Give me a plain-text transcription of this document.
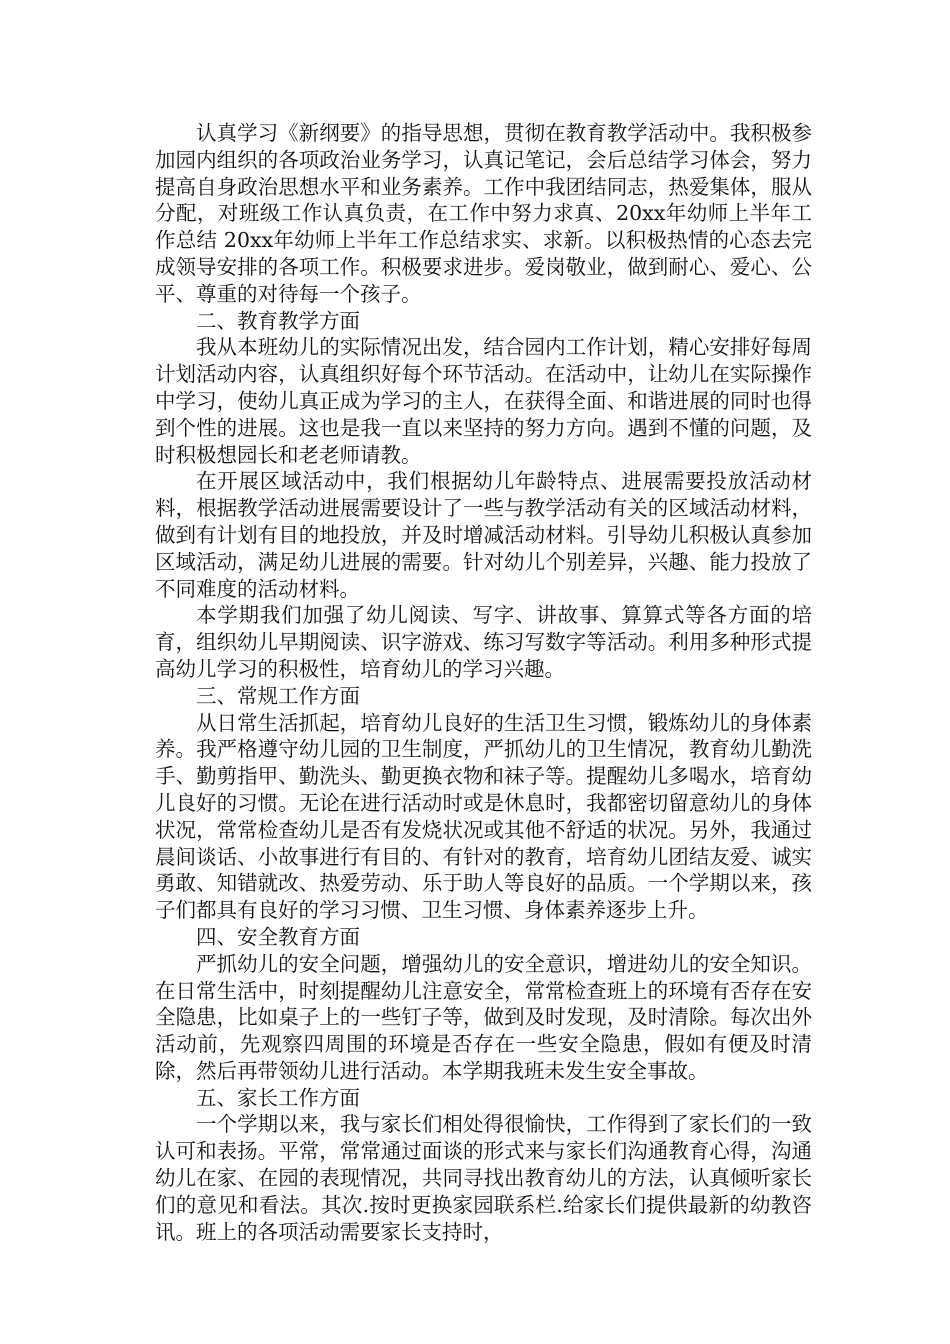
认真学习《新纲要》的指导思想，贯彻在教育教学活动中。我积极参加园内组织的各项政治业务学习，认真记笔记，会后总结学习体会，努力提高自身政治思想水平和业务素养。工作中我团结同志，热爱集体，服从分配，对班级工作认真负责，在工作中努力求真、20xx年幼师上半年工作总结 20xx年幼师上半年工作总结求实、求新。以积极热情的心态去完成领导安排的各项工作。积极要求进步。爱岗敬业，做到耐心、爱心、公平、尊重的对待每一个孩子。

二、教育教学方面

我从本班幼儿的实际情况出发，结合园内工作计划，精心安排好每周计划活动内容，认真组织好每个环节活动。在活动中，让幼儿在实际操作中学习，使幼儿真正成为学习的主人，在获得全面、和谐进展的同时也得到个性的进展。这也是我一直以来坚持的努力方向。遇到不懂的问题，及时积极想园长和老老师请教。

在开展区域活动中，我们根据幼儿年龄特点、进展需要投放活动材料，根据教学活动进展需要设计了一些与教学活动有关的区域活动材料，做到有计划有目的地投放，并及时增减活动材料。引导幼儿积极认真参加区域活动，满足幼儿进展的需要。针对幼儿个别差异，兴趣、能力投放了不同难度的活动材料。

本学期我们加强了幼儿阅读、写字、讲故事、算算式等各方面的培育，组织幼儿早期阅读、识字游戏、练习写数字等活动。利用多种形式提高幼儿学习的积极性，培育幼儿的学习兴趣。

三、常规工作方面

从日常生活抓起，培育幼儿良好的生活卫生习惯，锻炼幼儿的身体素养。我严格遵守幼儿园的卫生制度，严抓幼儿的卫生情况，教育幼儿勤洗手、勤剪指甲、勤洗头、勤更换衣物和袜子等。提醒幼儿多喝水，培育幼儿良好的习惯。无论在进行活动时或是休息时，我都密切留意幼儿的身体状况，常常检查幼儿是否有发烧状况或其他不舒适的状况。另外，我通过晨间谈话、小故事进行有目的、有针对的教育，培育幼儿团结友爱、诚实勇敢、知错就改、热爱劳动、乐于助人等良好的品质。一个学期以来，孩子们都具有良好的学习习惯、卫生习惯、身体素养逐步上升。

四、安全教育方面

严抓幼儿的安全问题，增强幼儿的安全意识，增进幼儿的安全知识。在日常生活中，时刻提醒幼儿注意安全，常常检查班上的环境有否存在安全隐患，比如桌子上的一些钉子等，做到及时发现，及时清除。每次出外活动前，先观察四周围的环境是否存在一些安全隐患，假如有便及时清除，然后再带领幼儿进行活动。本学期我班未发生安全事故。

五、家长工作方面

一个学期以来，我与家长们相处得很愉快，工作得到了家长们的一致认可和表扬。平常，常常通过面谈的形式来与家长们沟通教育心得，沟通幼儿在家、在园的表现情况，共同寻找出教育幼儿的方法，认真倾听家长们的意见和看法。其次.按时更换家园联系栏.给家长们提供最新的幼教咨讯。班上的各项活动需要家长支持时，
